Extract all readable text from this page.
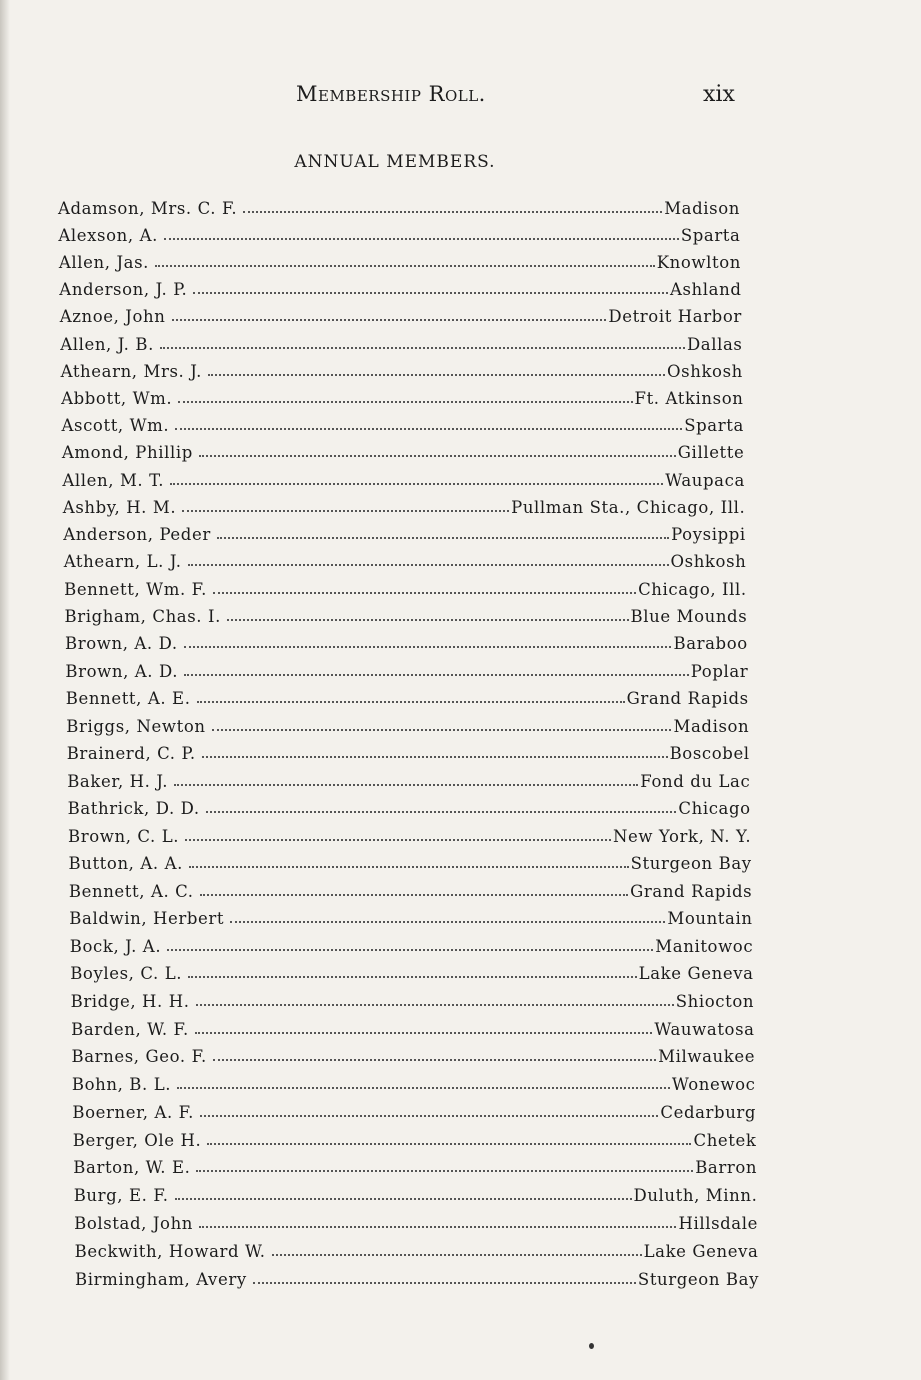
Membership Roll.	xix
ANNUAL MEMBERS.
Adamson, Mrs. C. F.	Madison
Alexson, A.	Sparta
Allen, Jas.	Knowlton
Anderson, J. P.	Ashland
Aznoe, John	Detroit Harbor
Allen, J. B.	Dallas
Athearn, Mrs. J.	Oshkosh
Abbott, Wm.	Ft. Atkinson
Ascott, Wm.	Sparta
Amond, Phillip	Gillette
Allen, M. T.	Waupaca
Ashby, H. M.	Pullman Sta., Chicago, Ill.
Anderson, Peder	Poysippi
Athearn, L. J.	Oshkosh
Bennett, Wm. F.	Chicago, Ill.
Brigham, Chas. I.	Blue Mounds
Brown, A. D.	Baraboo
Brown, A. D.	Poplar
Bennett, A. E.	Grand Rapids
Briggs, Newton	Madison
Brainerd, C. P.	Boscobel
Baker, H. J.	Fond du Lac
Bathrick, D. D.	Chicago
Brown, C. L.	New York, N. Y.
Button, A. A.	Sturgeon Bay
Bennett, A. C.	Grand Rapids
Baldwin, Herbert	Mountain
Bock, J. A.	Manitowoc
Boyles, C. L.	Lake Geneva
Bridge, H. H.	Shiocton
Barden, W. F.	Wauwatosa
Barnes, Geo. F.	Milwaukee
Bohn, B. L.	Wonewoc
Boerner, A. F.	Cedarburg
Berger, Ole H.	Chetek
Barton, W. E.	Barron
Burg, E. F.	Duluth, Minn.
Bolstad, John	Hillsdale
Beckwith, Howard W.	Lake Geneva
Birmingham, Avery	Sturgeon Bay
